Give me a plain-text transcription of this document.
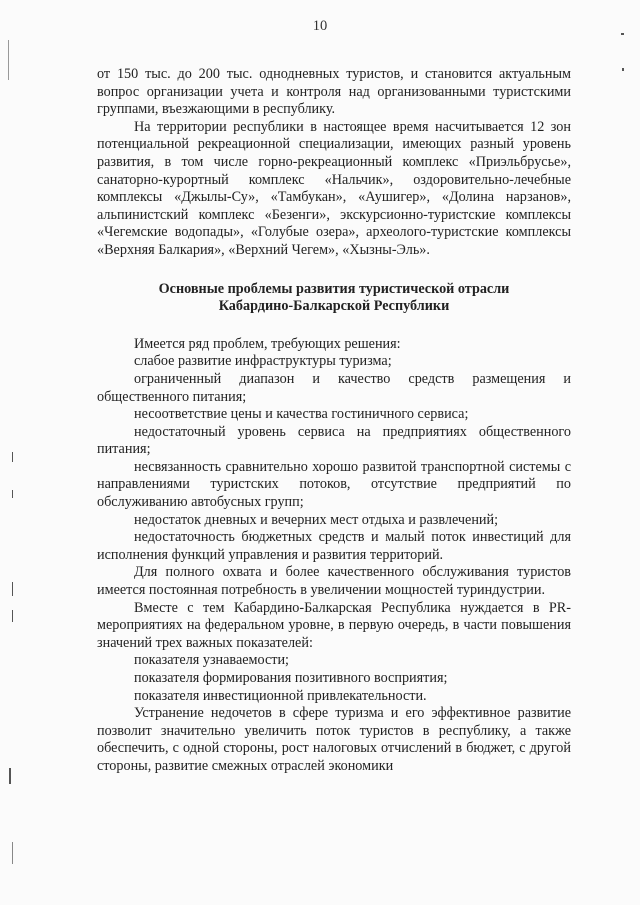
10

от 150 тыс. до 200 тыс. однодневных туристов, и становится актуальным вопрос организации учета и контроля над организованными туристскими группами, въезжающими в республику.

На территории республики в настоящее время насчитывается 12 зон потенциальной рекреационной специализации, имеющих разный уровень развития, в том числе горно-рекреационный комплекс «Приэльбрусье», санаторно-курортный комплекс «Нальчик», оздоровительно-лечебные комплексы «Джылы-Су», «Тамбукан», «Аушигер», «Долина нарзанов», альпинистский комплекс «Безенги», экскурсионно-туристские комплексы «Чегемские водопады», «Голубые озера», археолого-туристские комплексы «Верхняя Балкария», «Верхний Чегем», «Хызны-Эль».

Основные проблемы развития туристической отрасли
Кабардино-Балкарской Республики

Имеется ряд проблем, требующих решения:

слабое развитие инфраструктуры туризма;

ограниченный диапазон и качество средств размещения и общественного питания;

несоответствие цены и качества гостиничного сервиса;

недостаточный уровень сервиса на предприятиях общественного питания;

несвязанность сравнительно хорошо развитой транспортной системы с направлениями туристских потоков, отсутствие предприятий по обслуживанию автобусных групп;

недостаток дневных и вечерних мест отдыха и развлечений;

недостаточность бюджетных средств и малый поток инвестиций для исполнения функций управления и развития территорий.

Для полного охвата и более качественного обслуживания туристов имеется постоянная потребность в увеличении мощностей туриндустрии.

Вместе с тем Кабардино-Балкарская Республика нуждается в PR-мероприятиях на федеральном уровне, в первую очередь, в части повышения значений трех важных показателей:

показателя узнаваемости;

показателя формирования позитивного восприятия;

показателя инвестиционной привлекательности.

Устранение недочетов в сфере туризма и его эффективное развитие позволит значительно увеличить поток туристов в республику, а также обеспечить, с одной стороны, рост налоговых отчислений в бюджет, с другой стороны, развитие смежных отраслей экономики
